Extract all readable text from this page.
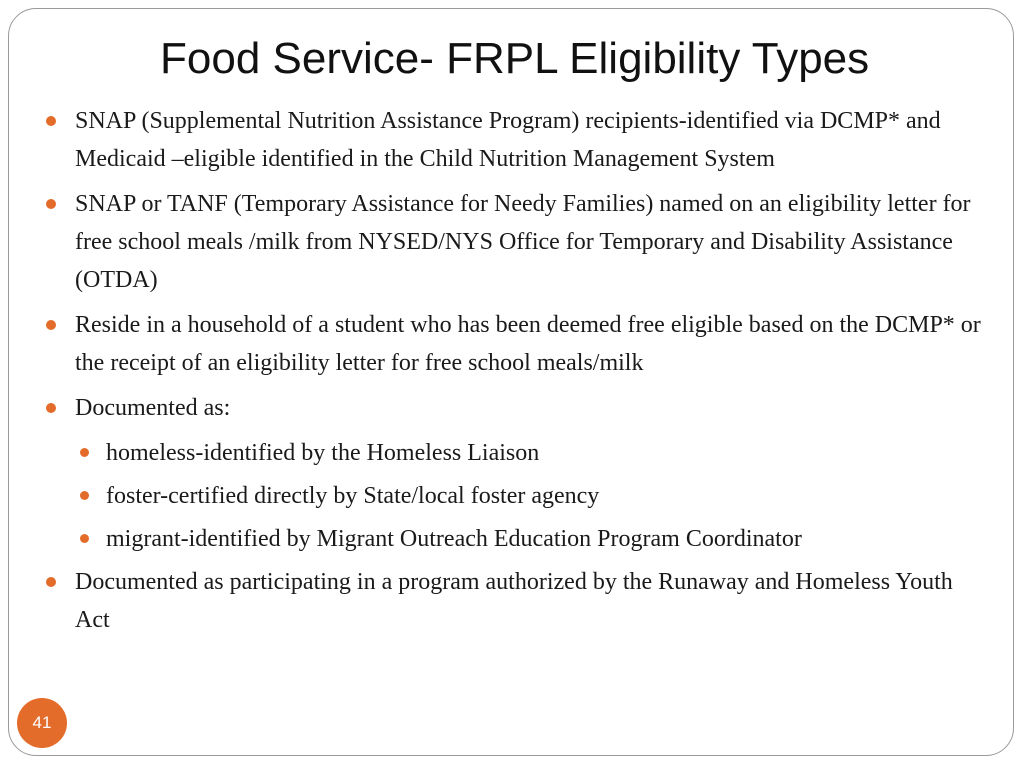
Food Service- FRPL Eligibility Types
SNAP (Supplemental Nutrition Assistance Program) recipients-identified via DCMP* and Medicaid –eligible identified in the Child Nutrition Management System
SNAP or TANF (Temporary Assistance for Needy Families) named on an eligibility letter for free school meals /milk from NYSED/NYS Office for Temporary and Disability Assistance (OTDA)
Reside in a household of a student who has been deemed free eligible based on the DCMP* or the receipt of an eligibility letter for free school meals/milk
Documented as:
homeless-identified by the Homeless Liaison
foster-certified directly by State/local foster agency
migrant-identified by Migrant Outreach Education Program Coordinator
Documented as participating in a program authorized by the Runaway and Homeless Youth Act
41
